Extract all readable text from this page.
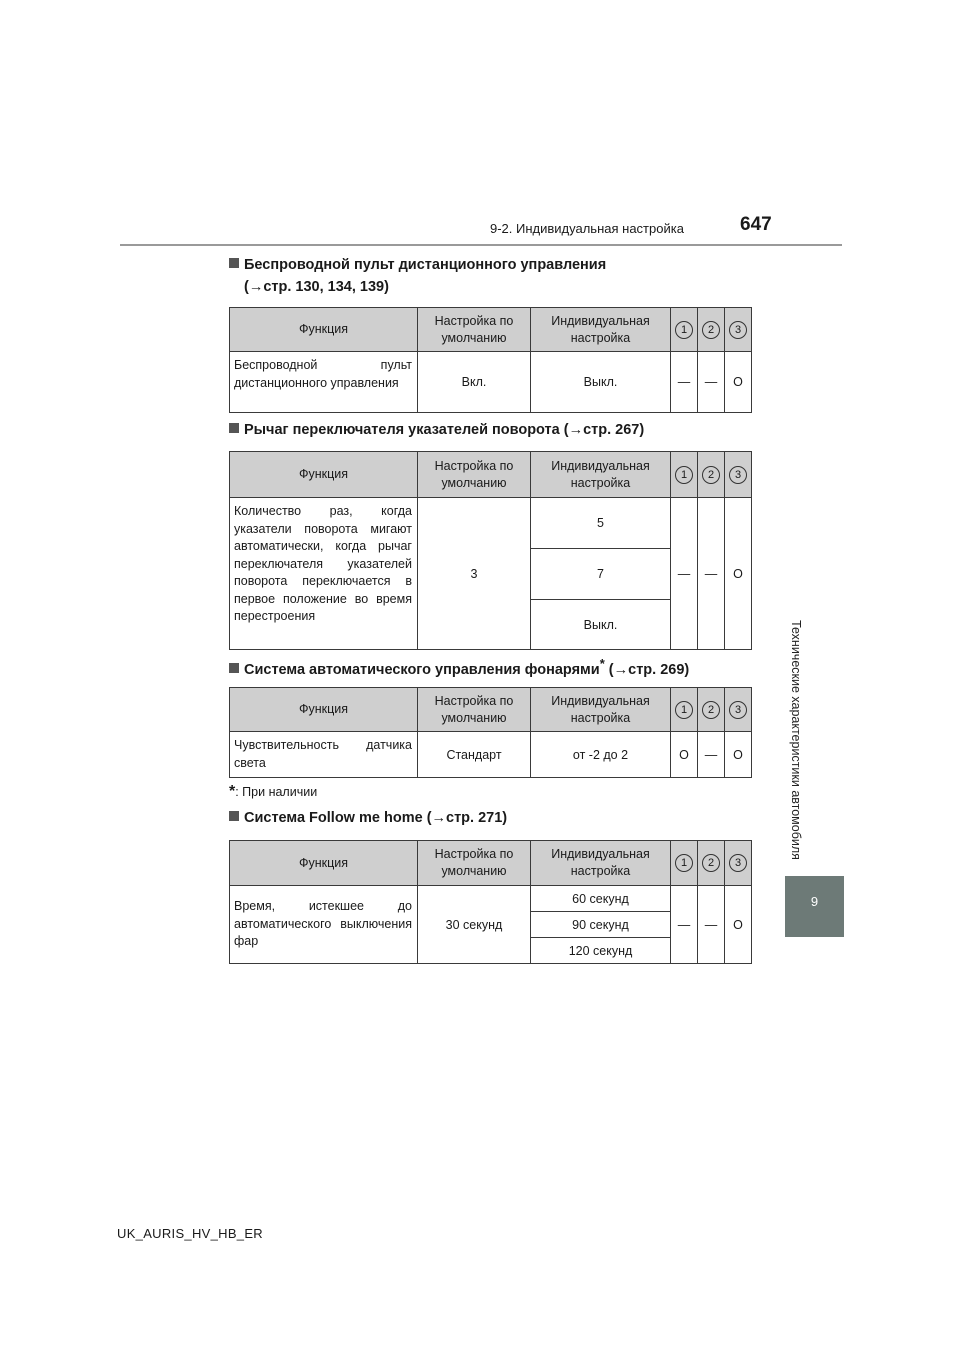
9-2. Индивидуальная настройка	647
Технические характеристики автомобиля
9
Беспроводной пульт дистанционного управления
(→стр. 130, 134, 139)
Функция	Настройка по умолчанию	Индивидуальная настройка	1	2	3
Беспроводной пульт дистанционного управления	Вкл.	Выкл.	—	—	O
Рычаг переключателя указателей поворота (→стр. 267)
Функция	Настройка по умолчанию	Индивидуальная настройка	1	2	3
Количество раз, когда указатели поворота мигают автоматически, когда рычаг переключателя указателей поворота переключается в первое положение во время перестроения	3	5	—	—	O
		7			
		Выкл.			
Система автоматического управления фонарями* (→стр. 269)
Функция	Настройка по умолчанию	Индивидуальная настройка	1	2	3
Чувствительность датчика света	Стандарт	от -2 до 2	O	—	O
*: При наличии
Система Follow me home (→стр. 271)
Функция	Настройка по умолчанию	Индивидуальная настройка	1	2	3
Время, истекшее до автоматического выключения фар	30 секунд	60 секунд	—	—	O
		90 секунд			
		120 секунд			
UK_AURIS_HV_HB_ER
